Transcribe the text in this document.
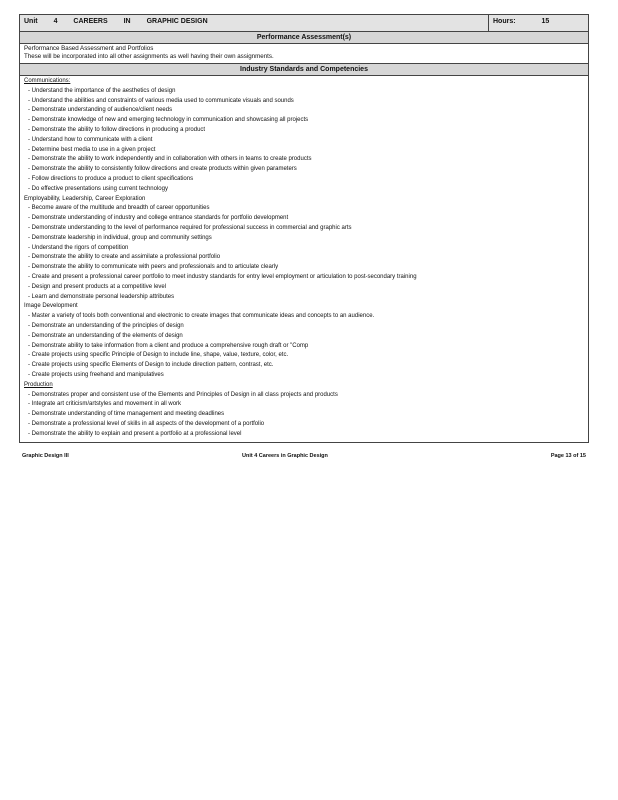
Unit 4 CAREERS IN GRAPHIC DESIGN	Hours:	15
Performance Assessment(s)
Performance Based Assessment and Portfolios
These will be incorporated into all other assignments as well having their own assignments.
Industry Standards and Competencies
Communications:
- Understand the importance of the aesthetics of design
- Understand the abilities and constraints of various media used to communicate visuals and sounds
- Demonstrate understanding of audience/client needs
- Demonstrate knowledge of new and emerging technology in communication and showcasing all projects
- Demonstrate the ability to follow directions in producing a product
- Understand how to communicate with a client
- Determine best media to use in a given project
- Demonstrate the ability to work independently and in collaboration with others in teams to create products
- Demonstrate the ability to consistently follow directions and create products within given parameters
- Follow directions to produce a product to client specifications
- Do effective presentations using current technology
Employability, Leadership, Career Exploration
- Become aware of the multitude and breadth of career opportunities
- Demonstrate understanding of industry and college entrance standards for portfolio development
- Demonstrate understanding to the level of performance required for professional success in commercial and graphic arts
- Demonstrate leadership in individual, group and community settings
- Understand the rigors of competition
- Demonstrate the ability to create and assimilate a professional portfolio
- Demonstrate the ability to communicate with peers and professionals and to articulate clearly
- Create and present a professional career portfolio to meet industry standards for entry level employment or articulation to post-secondary training
- Design and present products at a competitive level
- Learn and demonstrate personal leadership attributes
Image Development
- Master a variety of tools both conventional and electronic to create images that communicate ideas and concepts to an audience.
- Demonstrate an understanding of the principles of design
- Demonstrate an understanding of the elements of design
- Demonstrate ability to take information from a client and produce a comprehensive rough draft or "Comp
- Create projects using specific Principle of Design to include line, shape, value, texture, color, etc.
- Create projects using specific Elements of Design to include direction pattern, contrast, etc.
- Create projects using freehand and manipulatives
Production
- Demonstrates proper and consistent use of the Elements and Principles of Design in all class projects and products
- Integrate art criticism/artstyles and movement in all work
- Demonstrate understanding of time management and meeting deadlines
- Demonstrate a professional level of skills in all aspects of the development of a portfolio
- Demonstrate the ability to explain and present a portfolio at a professional level
Graphic Design III	Unit 4 Careers in Graphic Design	Page 13 of 15
